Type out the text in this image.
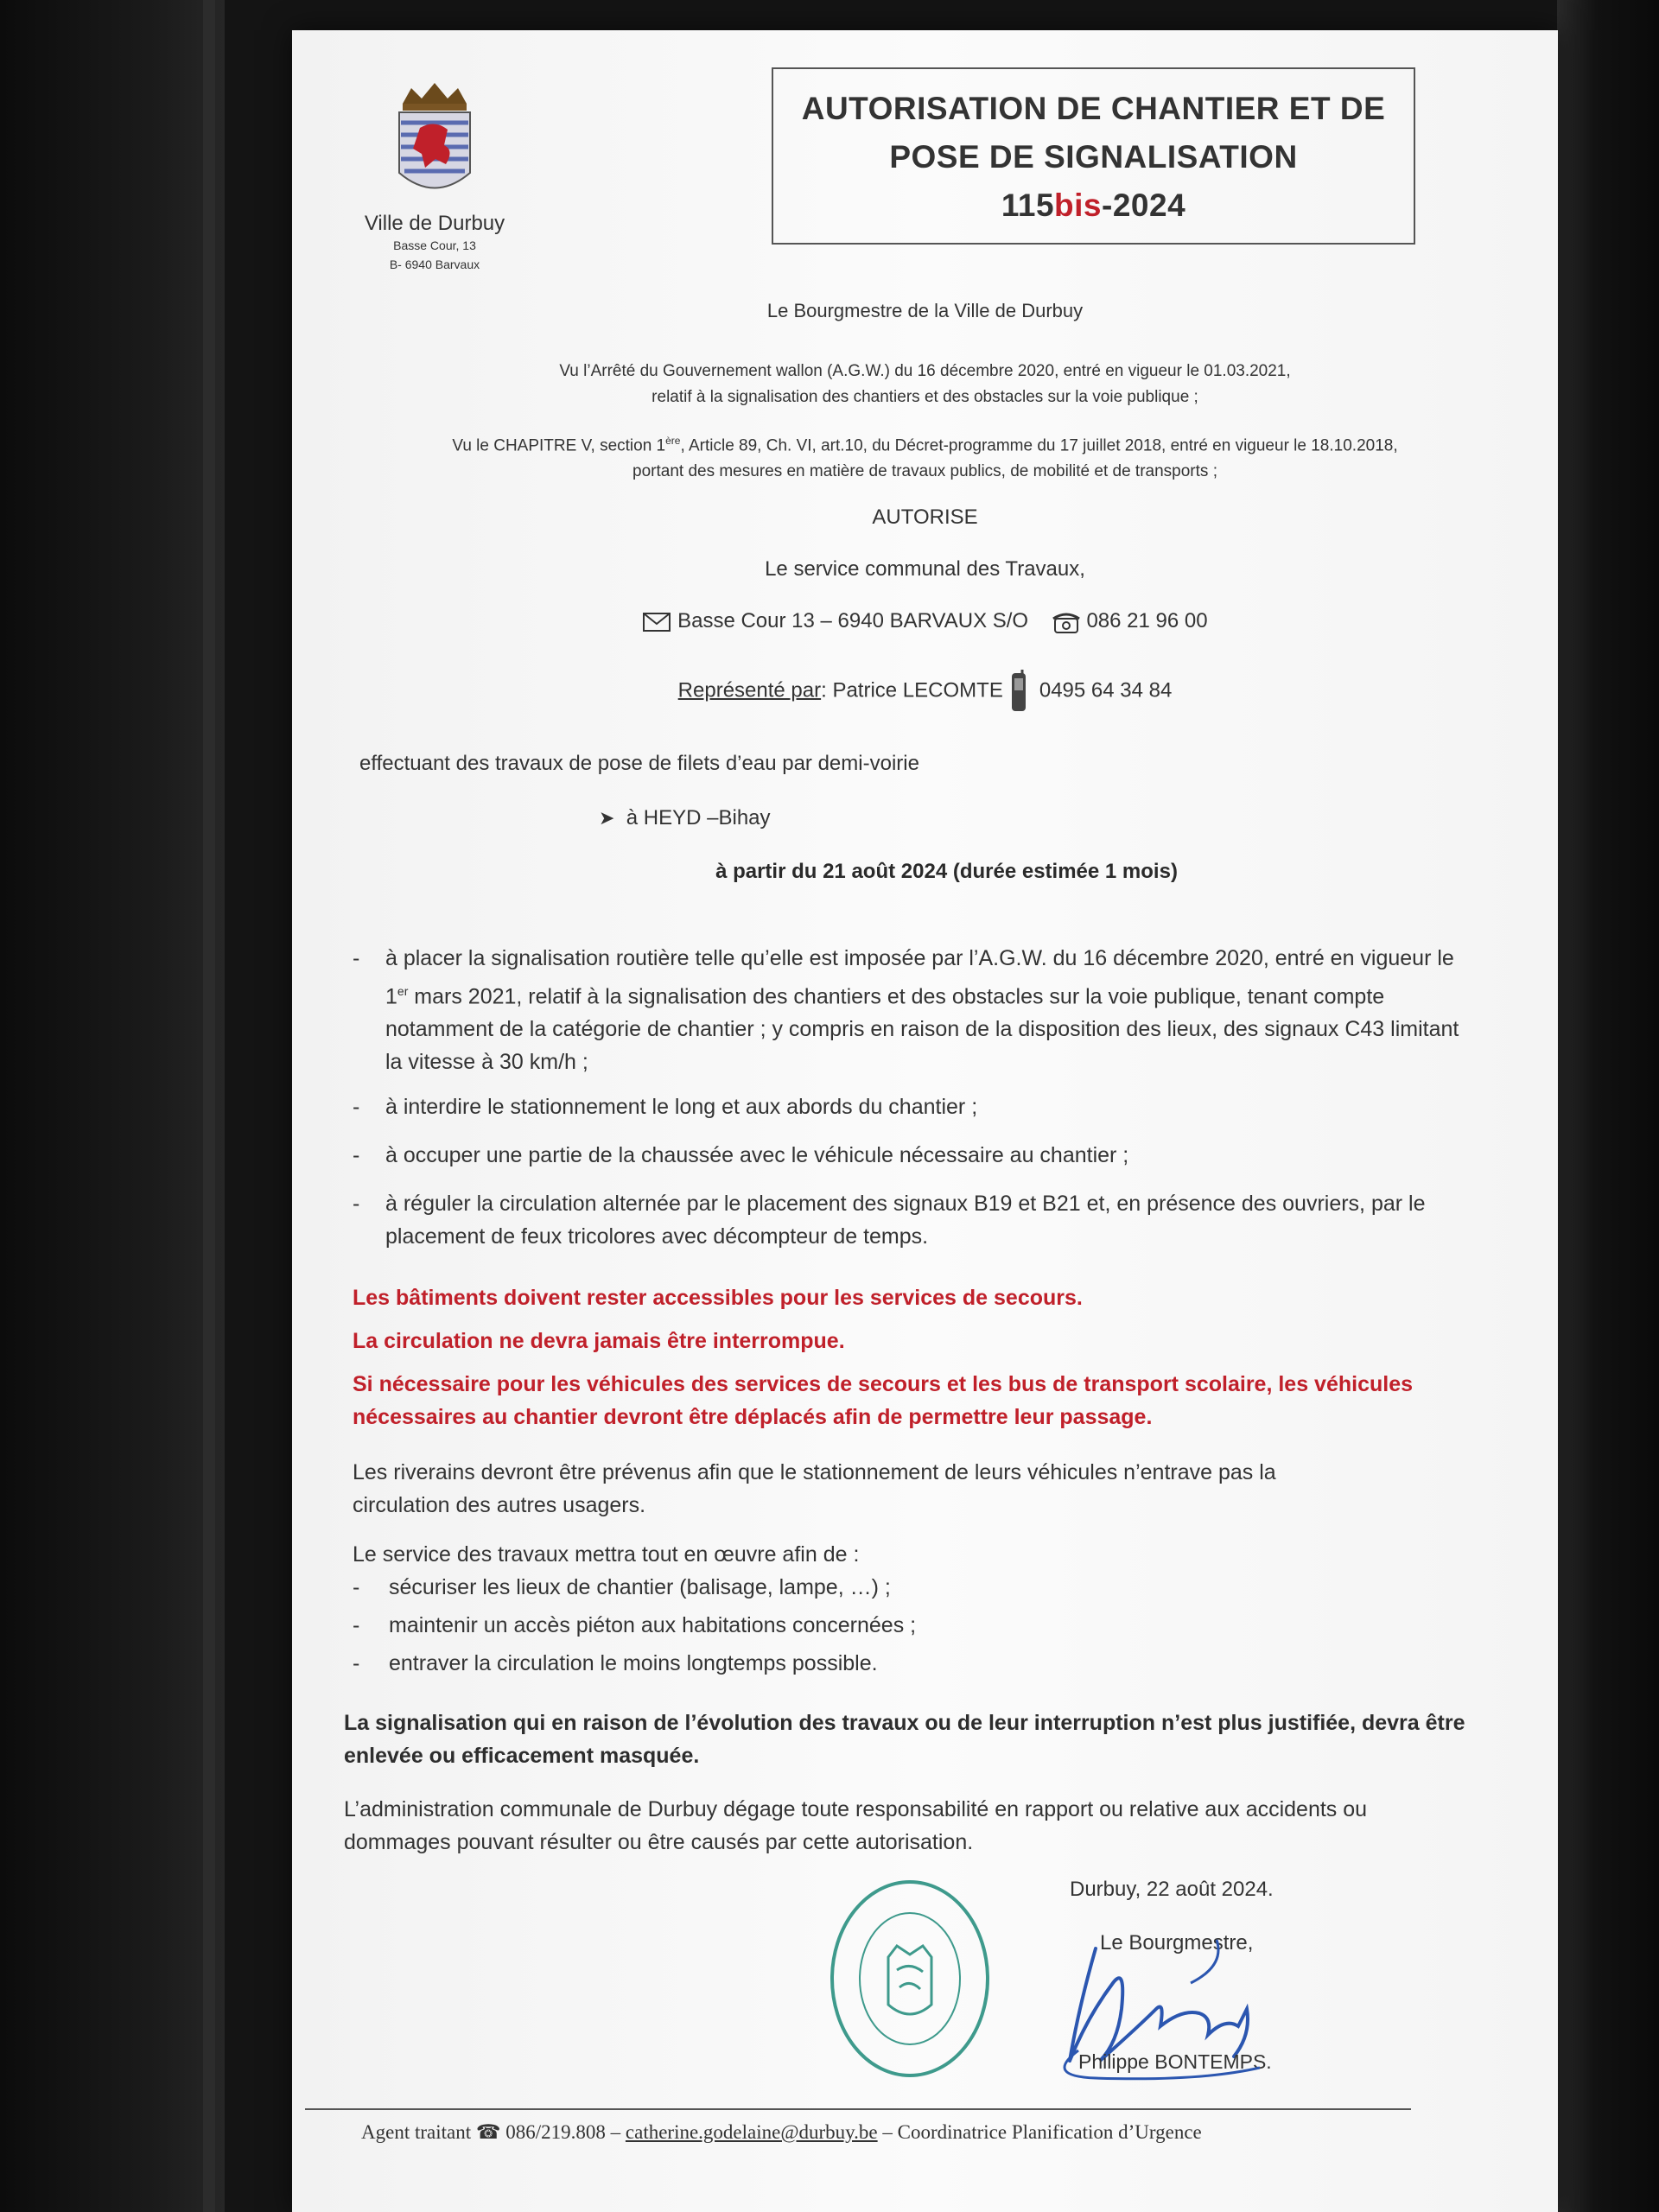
Ville de Durbuy
Basse Cour, 13
B- 6940 Barvaux
AUTORISATION DE CHANTIER ET DE
POSE DE SIGNALISATION
115bis-2024
Le Bourgmestre de la Ville de Durbuy
Vu l’Arrêté du Gouvernement wallon (A.G.W.) du 16 décembre 2020, entré en vigueur le 01.03.2021,
relatif à la signalisation des chantiers et des obstacles sur la voie publique ;
Vu le CHAPITRE V, section 1ère, Article 89, Ch. VI, art.10, du Décret-programme du 17 juillet 2018, entré en vigueur le 18.10.2018,
portant des mesures en matière de travaux publics, de mobilité et de transports ;
AUTORISE
Le service communal des Travaux,
Basse Cour 13 – 6940 BARVAUX S/O	086 21 96 00
Représenté par: Patrice LECOMTE 0495 64 34 84
effectuant des travaux de pose de filets d’eau par demi-voirie
➤ à HEYD –Bihay
à partir du 21 août 2024 (durée estimée 1 mois)
- à placer la signalisation routière telle qu’elle est imposée par l’A.G.W. du 16 décembre 2020, entré en vigueur le
1er mars 2021, relatif à la signalisation des chantiers et des obstacles sur la voie publique, tenant compte
notamment de la catégorie de chantier ; y compris en raison de la disposition des lieux, des signaux C43 limitant
la vitesse à 30 km/h ;
- à interdire le stationnement le long et aux abords du chantier ;
- à occuper une partie de la chaussée avec le véhicule nécessaire au chantier ;
- à réguler la circulation alternée par le placement des signaux B19 et B21 et, en présence des ouvriers, par le
placement de feux tricolores avec décompteur de temps.
Les bâtiments doivent rester accessibles pour les services de secours.
La circulation ne devra jamais être interrompue.
Si nécessaire pour les véhicules des services de secours et les bus de transport scolaire, les véhicules
nécessaires au chantier devront être déplacés afin de permettre leur passage.
Les riverains devront être prévenus afin que le stationnement de leurs véhicules n’entrave pas la
circulation des autres usagers.
Le service des travaux mettra tout en œuvre afin de :
- sécuriser les lieux de chantier (balisage, lampe, …) ;
- maintenir un accès piéton aux habitations concernées ;
- entraver la circulation le moins longtemps possible.
La signalisation qui en raison de l’évolution des travaux ou de leur interruption n’est plus justifiée, devra être
enlevée ou efficacement masquée.
L’administration communale de Durbuy dégage toute responsabilité en rapport ou relative aux accidents ou
dommages pouvant résulter ou être causés par cette autorisation.
Durbuy, 22 août 2024.
Le Bourgmestre,
Philippe BONTEMPS.
Agent traitant ☎ 086/219.808 – catherine.godelaine@durbuy.be – Coordinatrice Planification d’Urgence
